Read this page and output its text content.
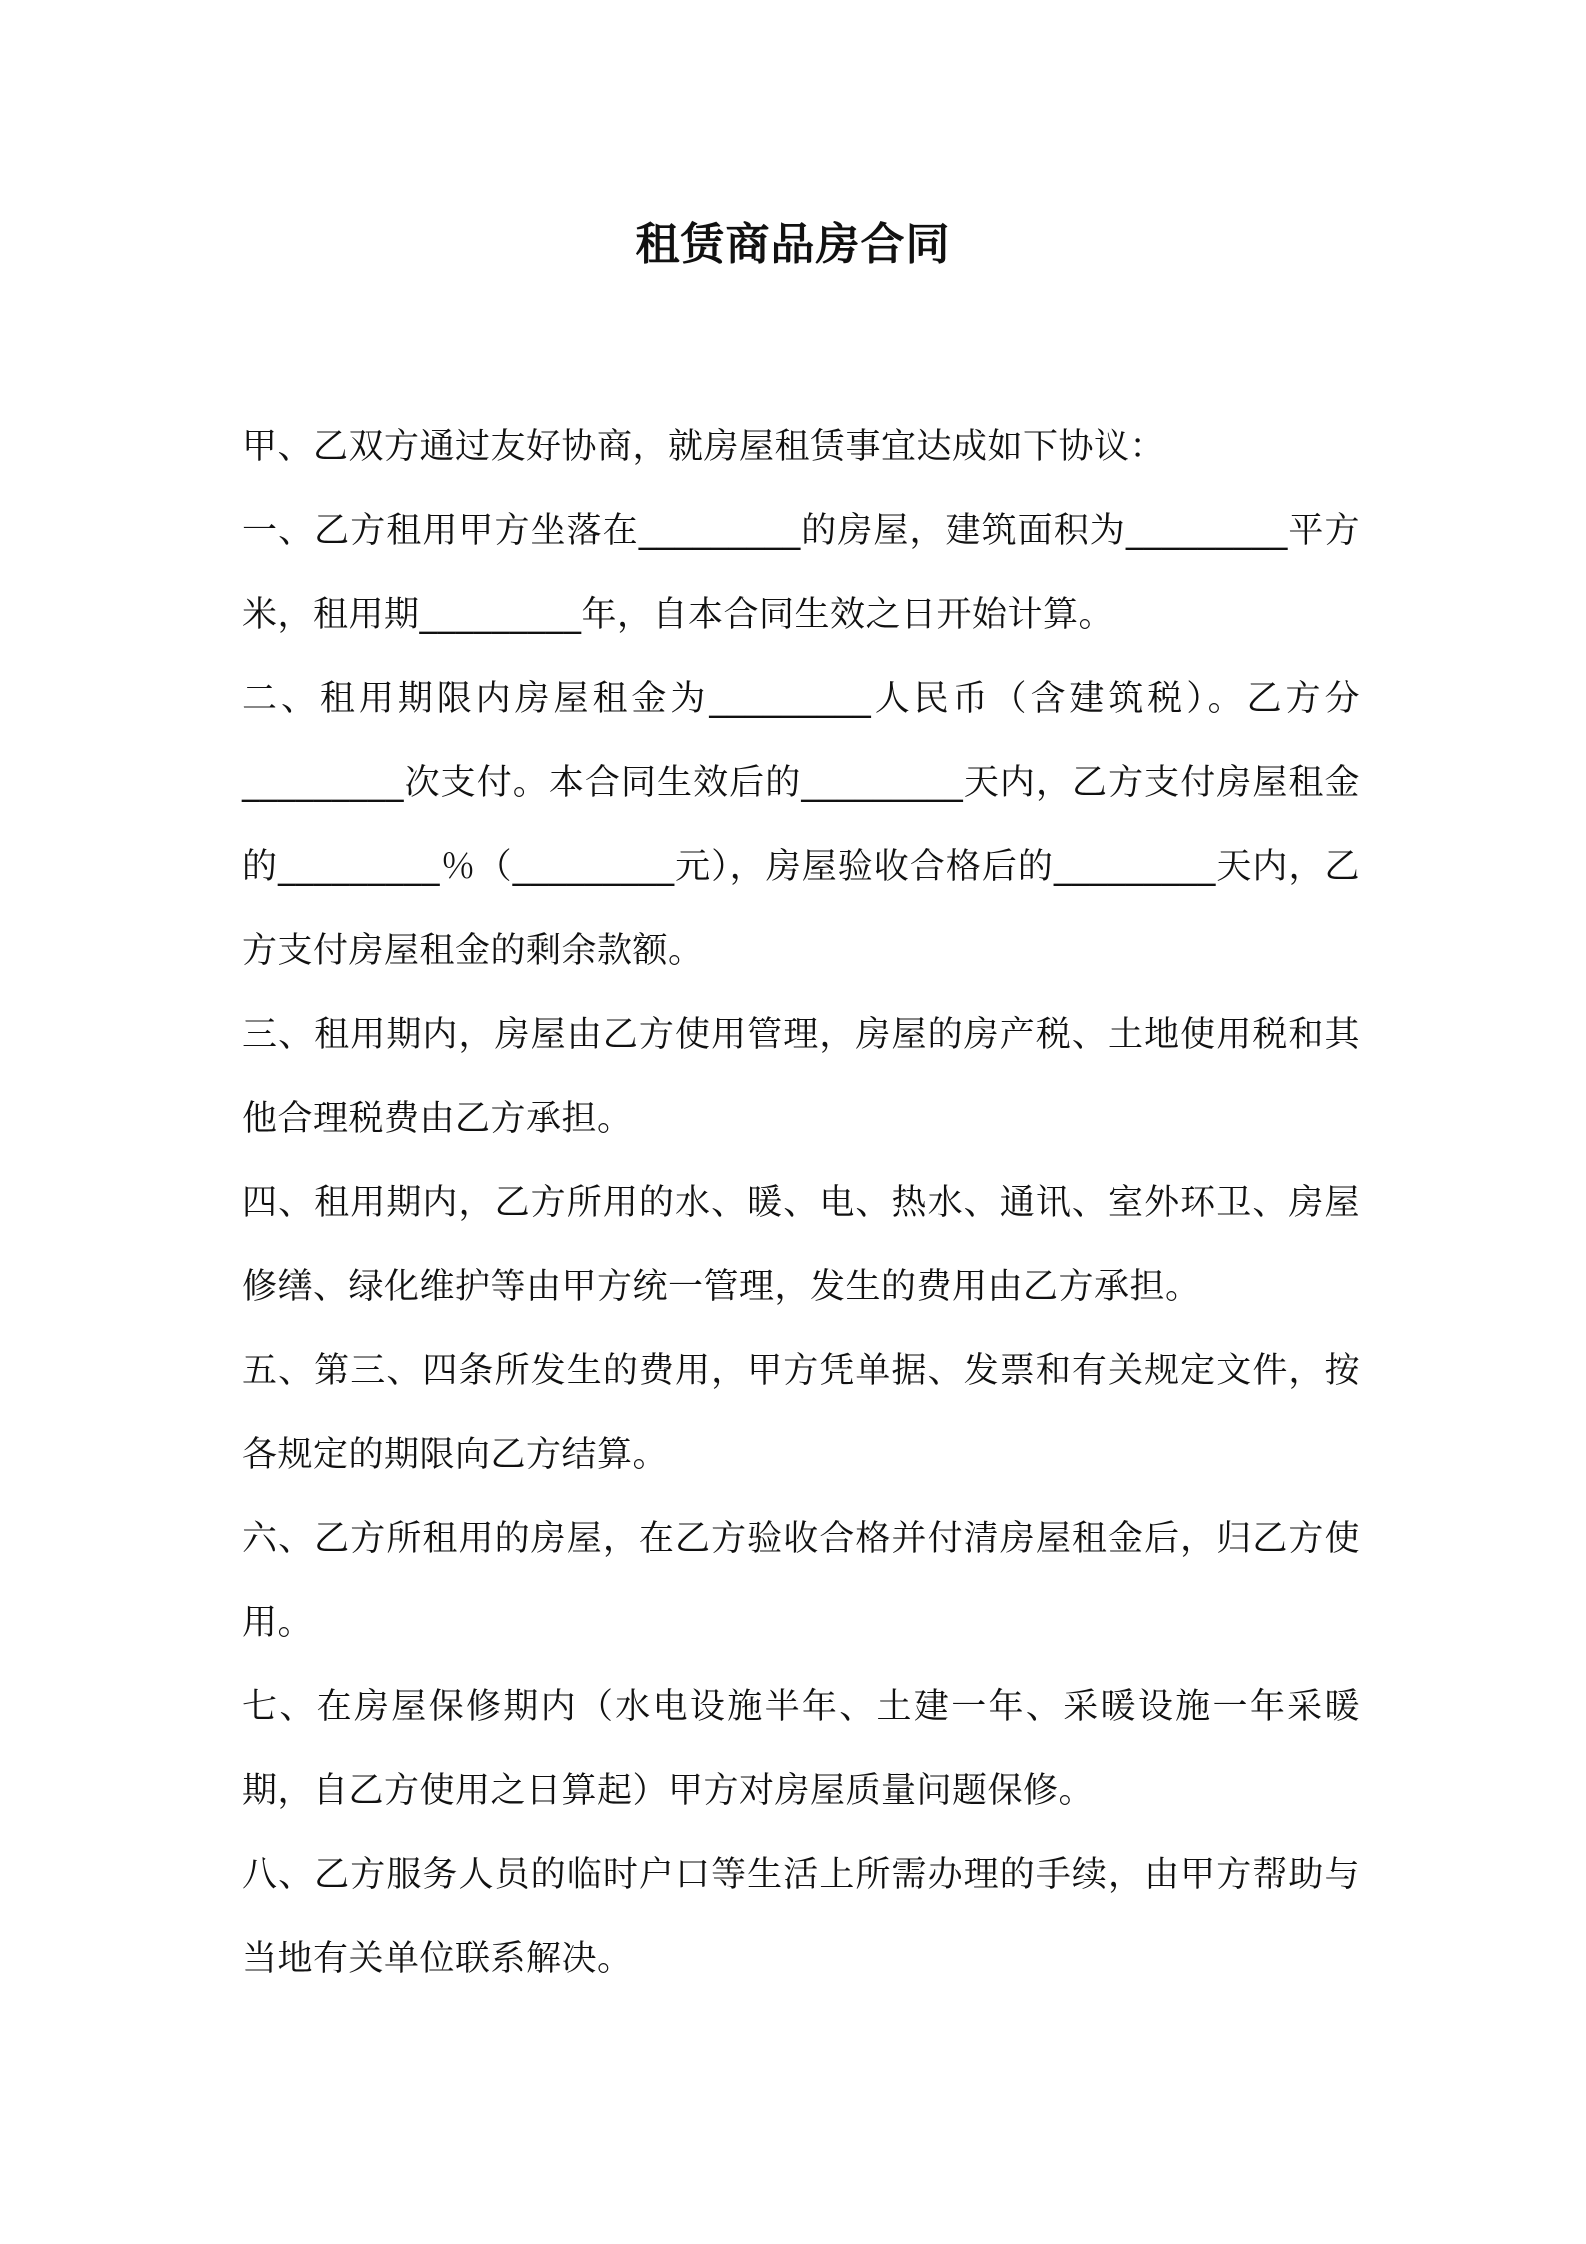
租赁商品房合同

甲、乙双方通过友好协商，就房屋租赁事宜达成如下协议：

一、乙方租用甲方坐落在_________的房屋，建筑面积为_________平方米，租用期_________年，自本合同生效之日开始计算。

二、租用期限内房屋租金为_________人民币（含建筑税）。乙方分_________次支付。本合同生效后的_________天内，乙方支付房屋租金的_________％（_________元），房屋验收合格后的_________天内，乙方支付房屋租金的剩余款额。

三、租用期内，房屋由乙方使用管理，房屋的房产税、土地使用税和其他合理税费由乙方承担。

四、租用期内，乙方所用的水、暖、电、热水、通讯、室外环卫、房屋修缮、绿化维护等由甲方统一管理，发生的费用由乙方承担。

五、第三、四条所发生的费用，甲方凭单据、发票和有关规定文件，按各规定的期限向乙方结算。

六、乙方所租用的房屋，在乙方验收合格并付清房屋租金后，归乙方使用。

七、在房屋保修期内（水电设施半年、土建一年、采暖设施一年采暖期，自乙方使用之日算起）甲方对房屋质量问题保修。

八、乙方服务人员的临时户口等生活上所需办理的手续，由甲方帮助与当地有关单位联系解决。
